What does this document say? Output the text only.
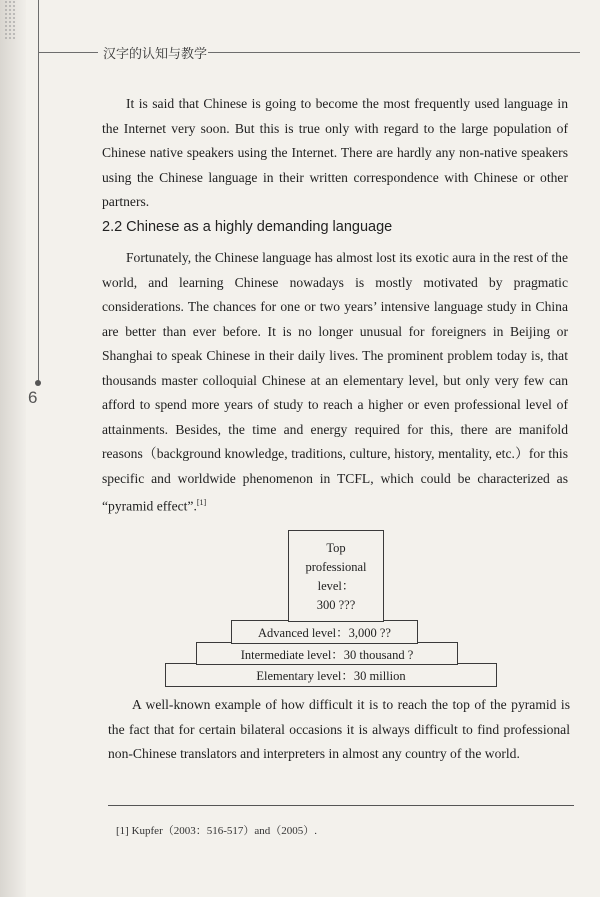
6
汉字的认知与教学

It is said that Chinese is going to become the most frequently used language in the Internet very soon. But this is true only with regard to the large population of Chinese native speakers using the Internet. There are hardly any non-native speakers using the Chinese language in their written correspondence with Chinese or other partners.

2.2 Chinese as a highly demanding language

Fortunately, the Chinese language has almost lost its exotic aura in the rest of the world, and learning Chinese nowadays is mostly motivated by pragmatic considerations. The chances for one or two years’ intensive language study in China are better than ever before. It is no longer unusual for foreigners in Beijing or Shanghai to speak Chinese in their daily lives. The prominent problem today is, that thousands master colloquial Chinese at an elementary level, but only very few can afford to spend more years of study to reach a higher or even professional level of attainments. Besides, the time and energy required for this, there are manifold reasons（background knowledge, traditions, culture, history, mentality, etc.）for this specific and worldwide phenomenon in TCFL, which could be characterized as “pyramid effect”.[1]

Elementary level：30 million
Intermediate level：30 thousand ?
Advanced level：3,000 ??
Top
professional
level：
300 ???

A well-known example of how difficult it is to reach the top of the pyramid is the fact that for certain bilateral occasions it is always difficult to find professional non-Chinese translators and interpreters in almost any country of the world.

[1] Kupfer（2003：516-517）and（2005）.
